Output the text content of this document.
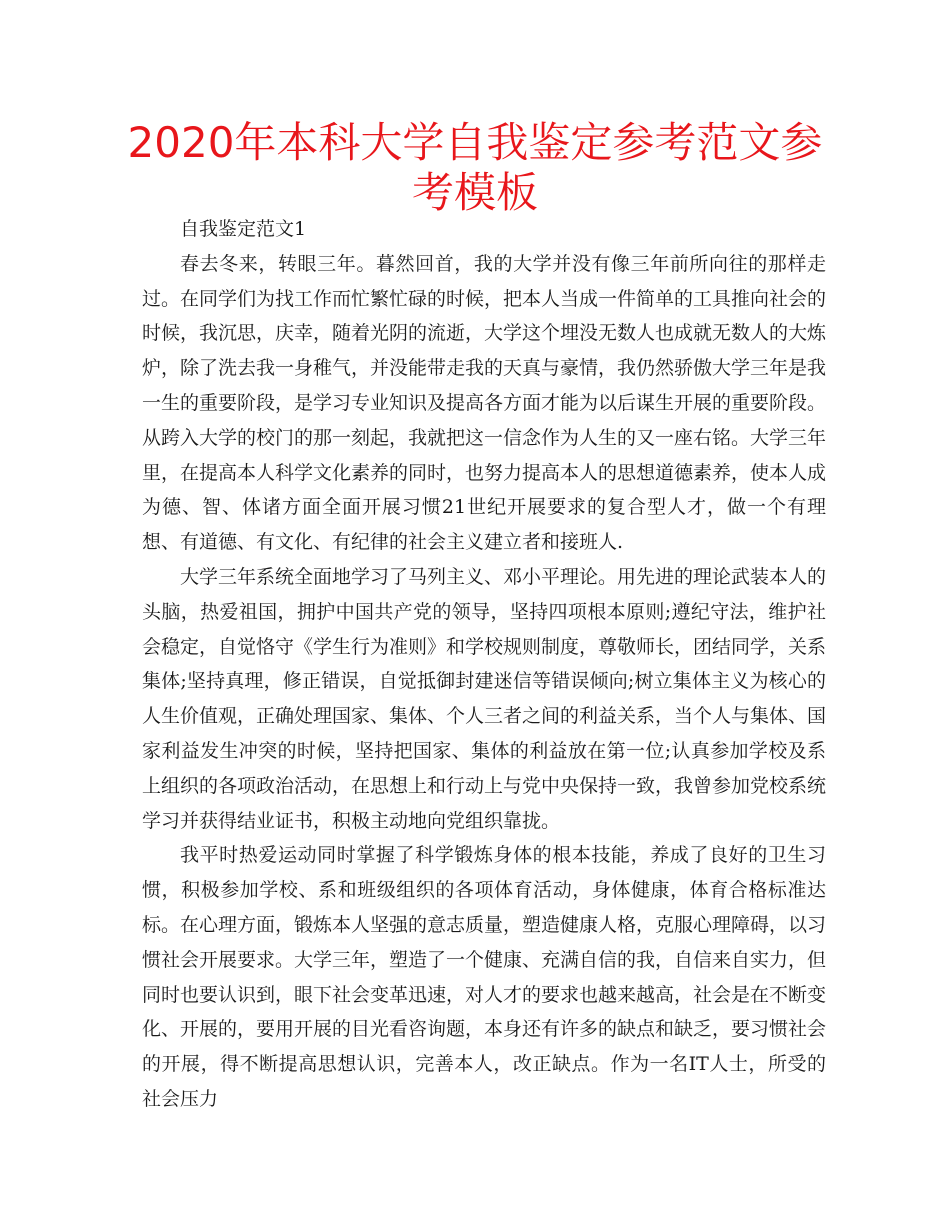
2020年本科大学自我鉴定参考范文参考模板

自我鉴定范文1

春去冬来，转眼三年。暮然回首，我的大学并没有像三年前所向往的那样走过。在同学们为找工作而忙繁忙碌的时候，把本人当成一件简单的工具推向社会的时候，我沉思，庆幸，随着光阴的流逝，大学这个埋没无数人也成就无数人的大炼炉，除了洗去我一身稚气，并没能带走我的天真与豪情，我仍然骄傲大学三年是我一生的重要阶段，是学习专业知识及提高各方面才能为以后谋生开展的重要阶段。从跨入大学的校门的那一刻起，我就把这一信念作为人生的又一座右铭。大学三年里，在提高本人科学文化素养的同时，也努力提高本人的思想道德素养，使本人成为德、智、体诸方面全面开展习惯21世纪开展要求的复合型人才，做一个有理想、有道德、有文化、有纪律的社会主义建立者和接班人.

大学三年系统全面地学习了马列主义、邓小平理论。用先进的理论武装本人的头脑，热爱祖国，拥护中国共产党的领导，坚持四项根本原则;遵纪守法，维护社会稳定，自觉恪守《学生行为准则》和学校规则制度，尊敬师长，团结同学，关系集体;坚持真理，修正错误，自觉抵御封建迷信等错误倾向;树立集体主义为核心的人生价值观，正确处理国家、集体、个人三者之间的利益关系，当个人与集体、国家利益发生冲突的时候，坚持把国家、集体的利益放在第一位;认真参加学校及系上组织的各项政治活动，在思想上和行动上与党中央保持一致，我曾参加党校系统学习并获得结业证书，积极主动地向党组织靠拢。

我平时热爱运动同时掌握了科学锻炼身体的根本技能，养成了良好的卫生习惯，积极参加学校、系和班级组织的各项体育活动，身体健康，体育合格标准达标。在心理方面，锻炼本人坚强的意志质量，塑造健康人格，克服心理障碍，以习惯社会开展要求。大学三年，塑造了一个健康、充满自信的我，自信来自实力，但同时也要认识到，眼下社会变革迅速，对人才的要求也越来越高，社会是在不断变化、开展的，要用开展的目光看咨询题，本身还有许多的缺点和缺乏，要习惯社会的开展，得不断提高思想认识，完善本人，改正缺点。作为一名IT人士，所受的社会压力
